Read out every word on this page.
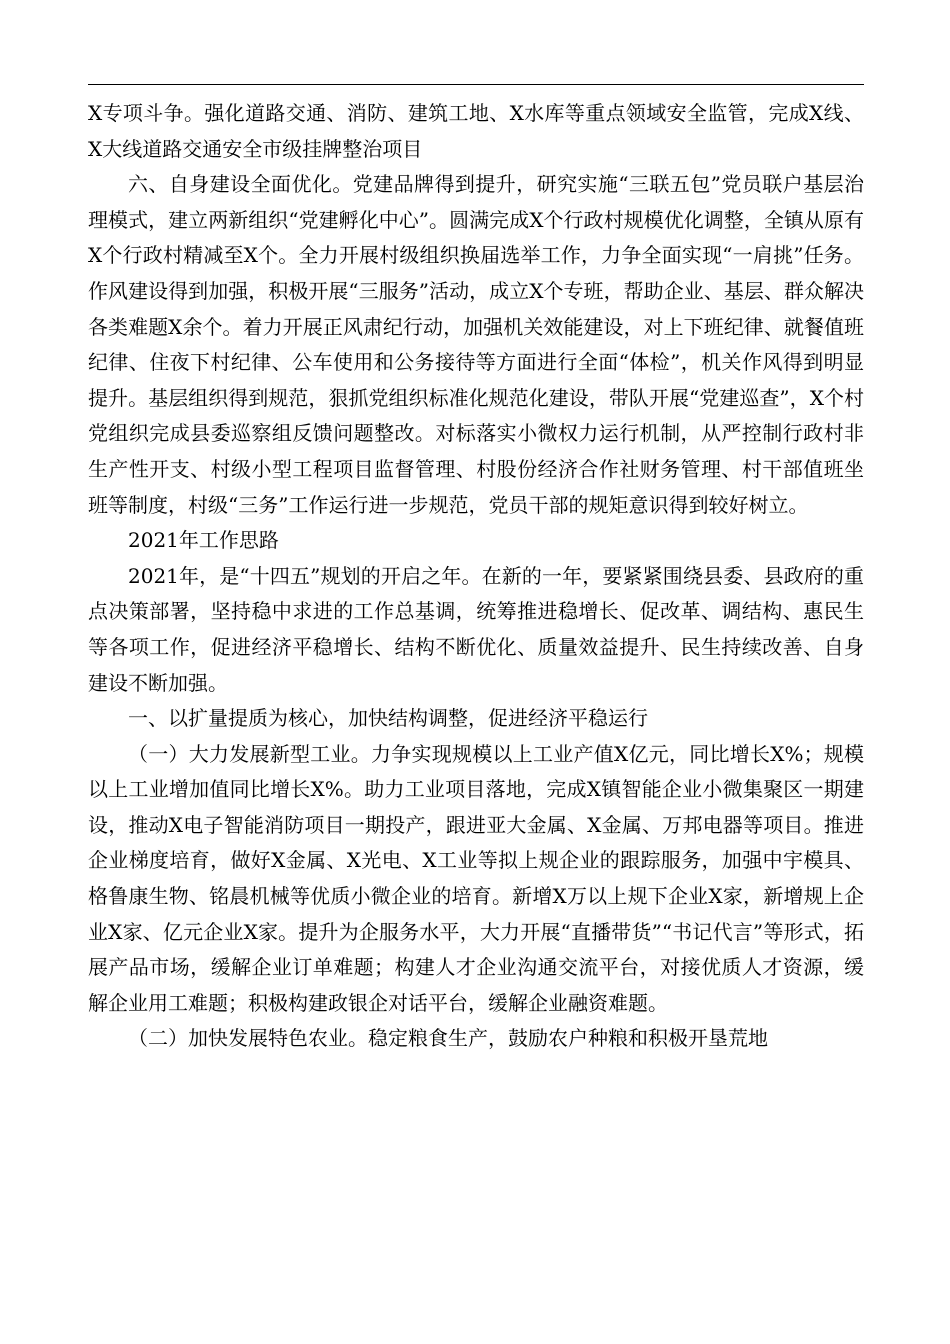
X专项斗争。强化道路交通、消防、建筑工地、X水库等重点领域安全监管，完成X线、X大线道路交通安全市级挂牌整治项目

六、自身建设全面优化。党建品牌得到提升，研究实施“三联五包”党员联户基层治理模式，建立两新组织“党建孵化中心”。圆满完成X个行政村规模优化调整，全镇从原有X个行政村精减至X个。全力开展村级组织换届选举工作，力争全面实现“一肩挑”任务。作风建设得到加强，积极开展“三服务”活动，成立X个专班，帮助企业、基层、群众解决各类难题X余个。着力开展正风肃纪行动，加强机关效能建设，对上下班纪律、就餐值班纪律、住夜下村纪律、公车使用和公务接待等方面进行全面“体检”，机关作风得到明显提升。基层组织得到规范，狠抓党组织标准化规范化建设，带队开展“党建巡查”，X个村党组织完成县委巡察组反馈问题整改。对标落实小微权力运行机制，从严控制行政村非生产性开支、村级小型工程项目监督管理、村股份经济合作社财务管理、村干部值班坐班等制度，村级“三务”工作运行进一步规范，党员干部的规矩意识得到较好树立。

2021年工作思路

2021年，是“十四五”规划的开启之年。在新的一年，要紧紧围绕县委、县政府的重点决策部署，坚持稳中求进的工作总基调，统筹推进稳增长、促改革、调结构、惠民生等各项工作，促进经济平稳增长、结构不断优化、质量效益提升、民生持续改善、自身建设不断加强。

一、以扩量提质为核心，加快结构调整，促进经济平稳运行

（一）大力发展新型工业。力争实现规模以上工业产值X亿元，同比增长X%；规模以上工业增加值同比增长X%。助力工业项目落地，完成X镇智能企业小微集聚区一期建设，推动X电子智能消防项目一期投产，跟进亚大金属、X金属、万邦电器等项目。推进企业梯度培育，做好X金属、X光电、X工业等拟上规企业的跟踪服务，加强中宇模具、格鲁康生物、铭晨机械等优质小微企业的培育。新增X万以上规下企业X家，新增规上企业X家、亿元企业X家。提升为企服务水平，大力开展“直播带货”“书记代言”等形式，拓展产品市场，缓解企业订单难题；构建人才企业沟通交流平台，对接优质人才资源，缓解企业用工难题；积极构建政银企对话平台，缓解企业融资难题。

（二）加快发展特色农业。稳定粮食生产，鼓励农户种粮和积极开垦荒地
